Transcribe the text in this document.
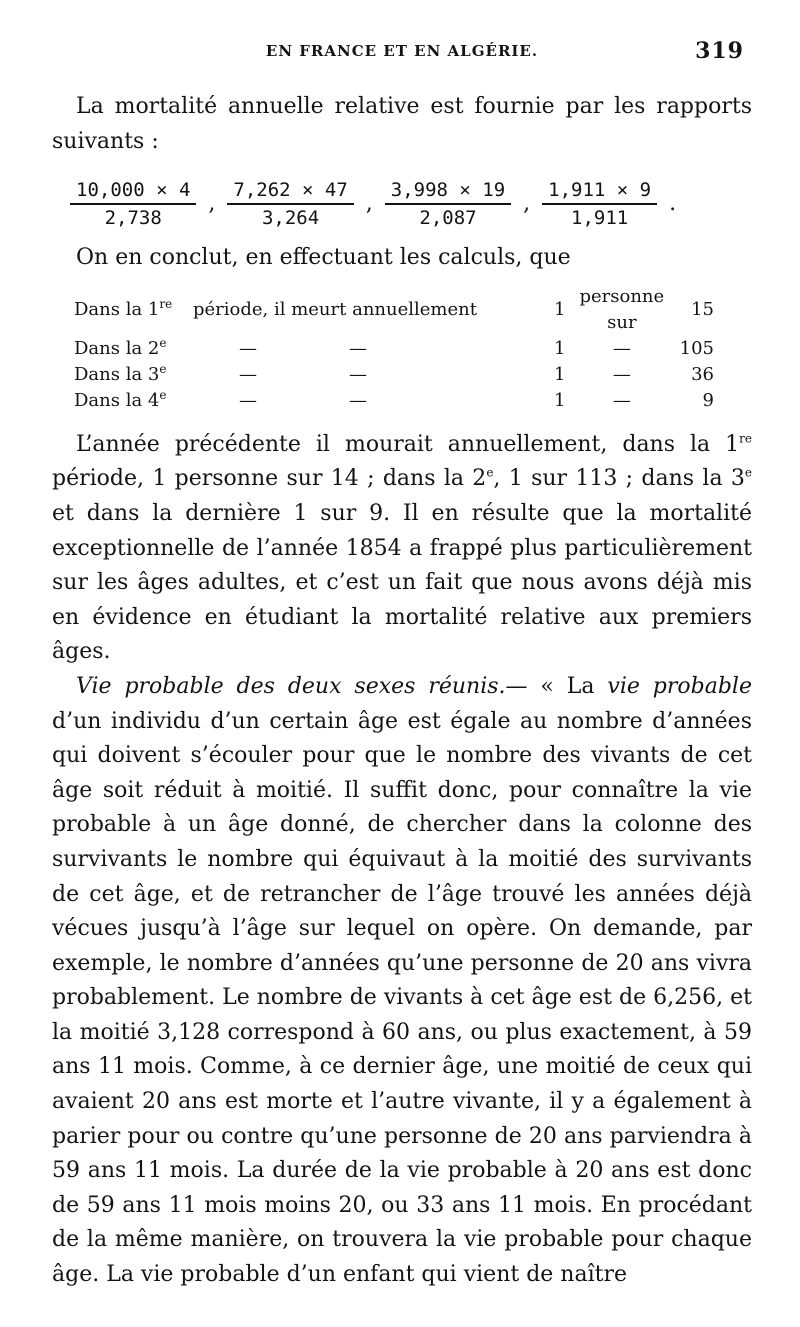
EN FRANCE ET EN ALGÉRIE.	319

La mortalité annuelle relative est fournie par les rapports suivants :

$\frac{10,000 \times 4}{2,738}$ , $\frac{7,262 \times 47}{3,264}$ , $\frac{3,998 \times 19}{2,087}$ , $\frac{1,911 \times 9}{1,911}$ .

On en conclut, en effectuant les calculs, que

Dans la 1re	période, il meurt annuellement	1	personne sur	15
Dans la 2e	— —	1	—	105
Dans la 3e	— —	1	—	36
Dans la 4e	— —	1	—	9

L’année précédente il mourait annuellement, dans la 1re période, 1 personne sur 14 ; dans la 2e, 1 sur 113 ; dans la 3e et dans la dernière 1 sur 9. Il en résulte que la mortalité exceptionnelle de l’année 1854 a frappé plus particulièrement sur les âges adultes, et c’est un fait que nous avons déjà mis en évidence en étudiant la mortalité relative aux premiers âges.

Vie probable des deux sexes réunis.— « La vie probable d’un individu d’un certain âge est égale au nombre d’années qui doivent s’écouler pour que le nombre des vivants de cet âge soit réduit à moitié. Il suffit donc, pour connaître la vie probable à un âge donné, de chercher dans la colonne des survivants le nombre qui équivaut à la moitié des survivants de cet âge, et de retrancher de l’âge trouvé les années déjà vécues jusqu’à l’âge sur lequel on opère. On demande, par exemple, le nombre d’années qu’une personne de 20 ans vivra probablement. Le nombre de vivants à cet âge est de 6,256, et la moitié 3,128 correspond à 60 ans, ou plus exactement, à 59 ans 11 mois. Comme, à ce dernier âge, une moitié de ceux qui avaient 20 ans est morte et l’autre vivante, il y a également à parier pour ou contre qu’une personne de 20 ans parviendra à 59 ans 11 mois. La durée de la vie probable à 20 ans est donc de 59 ans 11 mois moins 20, ou 33 ans 11 mois. En procédant de la même manière, on trouvera la vie probable pour chaque âge. La vie probable d’un enfant qui vient de naître
